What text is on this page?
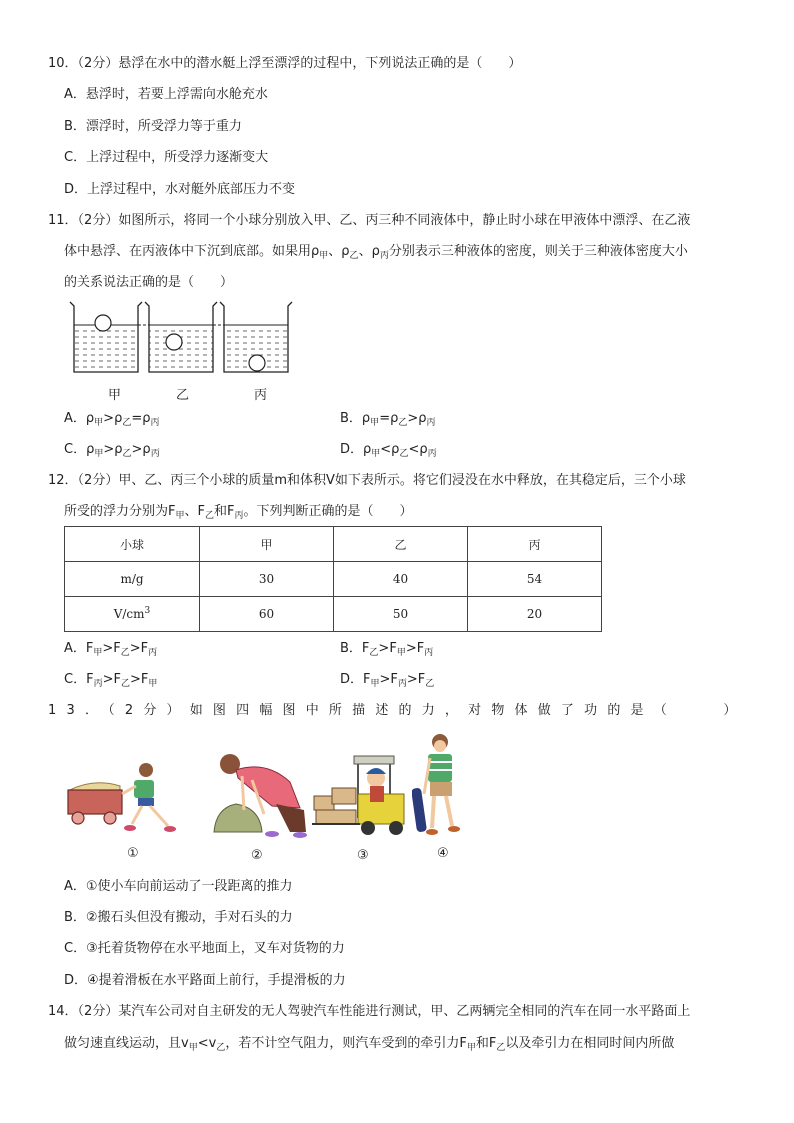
10．（2分）悬浮在水中的潜水艇上浮至漂浮的过程中，下列说法正确的是（　　）
A．悬浮时，若要上浮需向水舱充水
B．漂浮时，所受浮力等于重力
C．上浮过程中，所受浮力逐渐变大
D．上浮过程中，水对艇外底部压力不变
11．（2分）如图所示，将同一个小球分别放入甲、乙、丙三种不同液体中，静止时小球在甲液体中漂浮、在乙液
体中悬浮、在丙液体中下沉到底部。如果用$\rho_甲$、$\rho_乙$、$\rho_丙$分别表示三种液体的密度，则关于三种液体密度大小
的关系说法正确的是（　　）
甲	乙	丙
A．$\rho_甲>\rho_乙=\rho_丙$	B．$\rho_甲=\rho_乙>\rho_丙$
C．$\rho_甲>\rho_乙>\rho_丙$	D．$\rho_甲<\rho_乙<\rho_丙$
12．（2分）甲、乙、丙三个小球的质量m和体积V如下表所示。将它们浸没在水中释放，在其稳定后，三个小球
所受的浮力分别为$F_甲$、$F_乙$和$F_丙$。下列判断正确的是（　　）
小球	甲	乙	丙
m/g	30	40	54
$V/cm^3$	60	50	20
A．$F_甲>F_乙>F_丙$	B．$F_乙>F_甲>F_丙$
C．$F_丙>F_乙>F_甲$	D．$F_甲>F_丙>F_乙$
13．（2分）如图四幅图中所描述的力，对物体做了功的是（　　）
①	②	③	④
A．①使小车向前运动了一段距离的推力
B．②搬石头但没有搬动，手对石头的力
C．③托着货物停在水平地面上，叉车对货物的力
D．④提着滑板在水平路面上前行，手提滑板的力
14．（2分）某汽车公司对自主研发的无人驾驶汽车性能进行测试，甲、乙两辆完全相同的汽车在同一水平路面上
做匀速直线运动，且$v_甲<v_乙$，若不计空气阻力，则汽车受到的牵引力$F_甲$和$F_乙$以及牵引力在相同时间内所做
